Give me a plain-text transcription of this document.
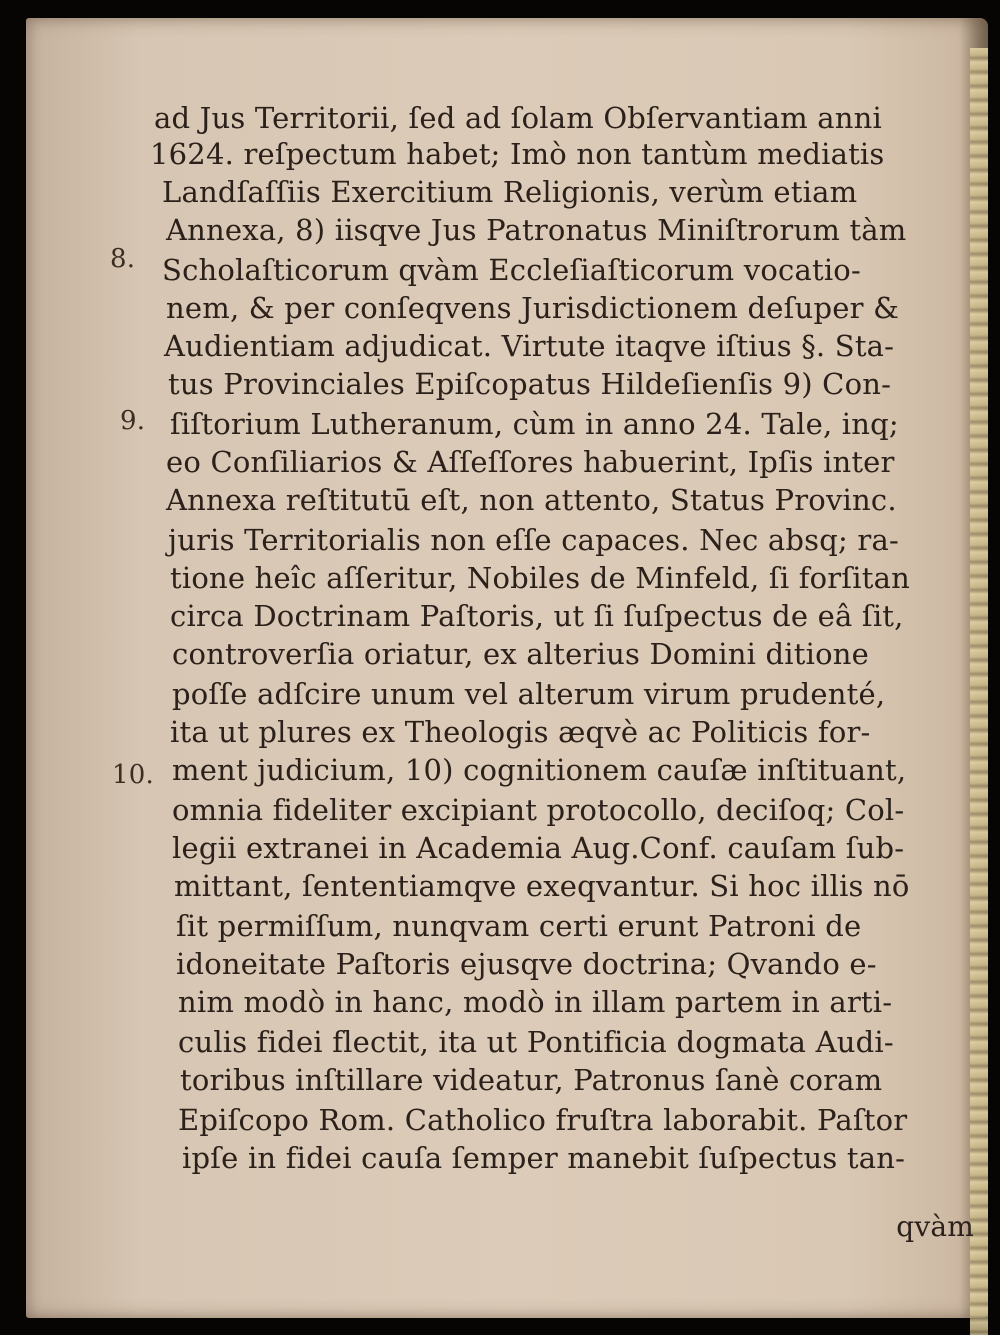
ad Jus Territorii, ſed ad ſolam Obſervantiam anni
1624. reſpectum habet; Imò non tantùm mediatis
Landſaſſiis Exercitium Religionis, verùm etiam
Annexa, 8) iisqve Jus Patronatus Miniſtrorum tàm
Scholaſticorum qvàm Eccleſiaſticorum vocatio-
nem, & per conſeqvens Jurisdictionem deſuper &
Audientiam adjudicat. Virtute itaqve iſtius §. Sta-
tus Provinciales Epiſcopatus Hildeſienſis 9) Con-
ſiſtorium Lutheranum, cùm in anno 24. Tale, inq;
eo Conſiliarios & Aſſeſſores habuerint, Ipſis inter
Annexa reſtitutū eſt, non attento, Status Provinc.
juris Territorialis non eſſe capaces. Nec absq; ra-
tione heîc aſſeritur, Nobiles de Minfeld, ſi forſitan
circa Doctrinam Paſtoris, ut ſi ſuſpectus de eâ ſit,
controverſia oriatur, ex alterius Domini ditione
poſſe adſcire unum vel alterum virum prudenté,
ita ut plures ex Theologis æqvè ac Politicis for-
ment judicium, 10) cognitionem cauſæ inſtituant,
omnia fideliter excipiant protocollo, deciſoq; Col-
legii extranei in Academia Aug.Conf. cauſam ſub-
mittant, ſententiamqve exeqvantur. Si hoc illis nō
ſit permiſſum, nunqvam certi erunt Patroni de
idoneitate Paſtoris ejusqve doctrina; Qvando e-
nim modò in hanc, modò in illam partem in arti-
culis fidei flectit, ita ut Pontificia dogmata Audi-
toribus inſtillare videatur, Patronus ſanè coram
Epiſcopo Rom. Catholico fruſtra laborabit. Paſtor
ipſe in fidei cauſa ſemper manebit ſuſpectus tan-
8.
9.
10.
qvàm
